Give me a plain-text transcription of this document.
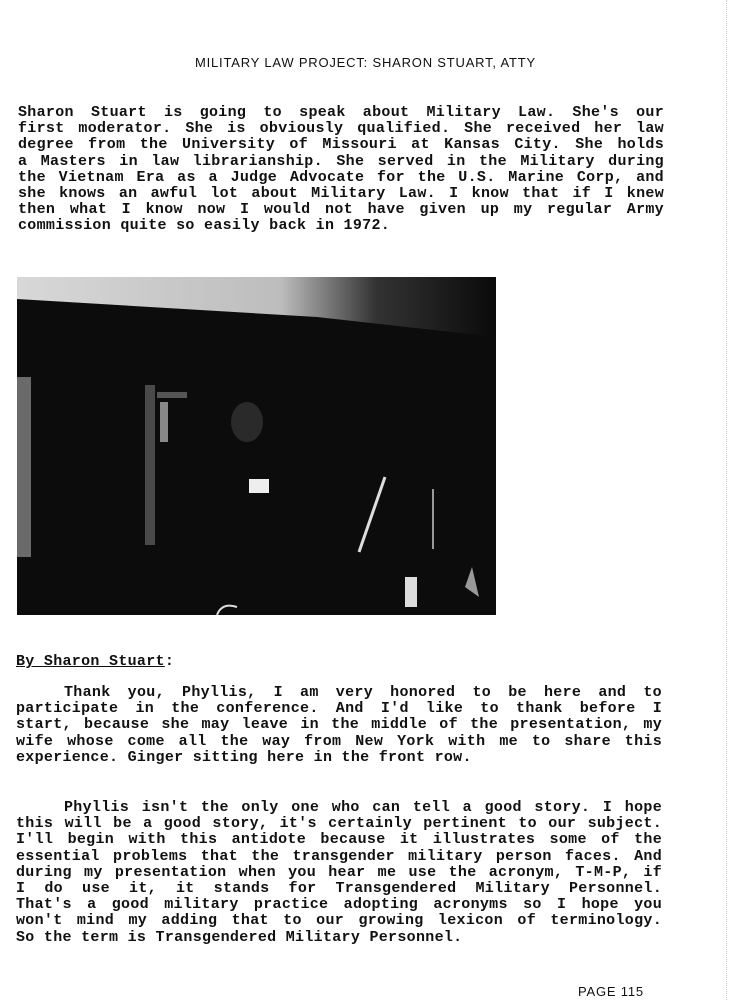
MILITARY LAW PROJECT: SHARON STUART, ATTY
Sharon Stuart is going to speak about Military Law. She's our
first moderator. She is obviously qualified. She received her law
degree from the University of Missouri at Kansas City. She holds
a Masters in law librarianship. She served in the Military during
the Vietnam Era as a Judge Advocate for the U.S. Marine Corp, and
she knows an awful lot about Military Law. I know that if I knew
then what I know now I would not have given up my regular Army
commission quite so easily back in 1972.
By Sharon Stuart:
Thank you, Phyllis, I am very honored to be here and to
participate in the conference. And I'd like to thank before I
start, because she may leave in the middle of the presentation, my
wife whose come all the way from New York with me to share this
experience. Ginger sitting here in the front row.
Phyllis isn't the only one who can tell a good story. I hope
this will be a good story, it's certainly pertinent to our subject.
I'll begin with this antidote because it illustrates some of the
essential problems that the transgender military person faces. And
during my presentation when you hear me use the acronym, T-M-P, if
I do use it, it stands for Transgendered Military Personnel.
That's a good military practice adopting acronyms so I hope you
won't mind my adding that to our growing lexicon of terminology.
So the term is Transgendered Military Personnel.
PAGE 115
